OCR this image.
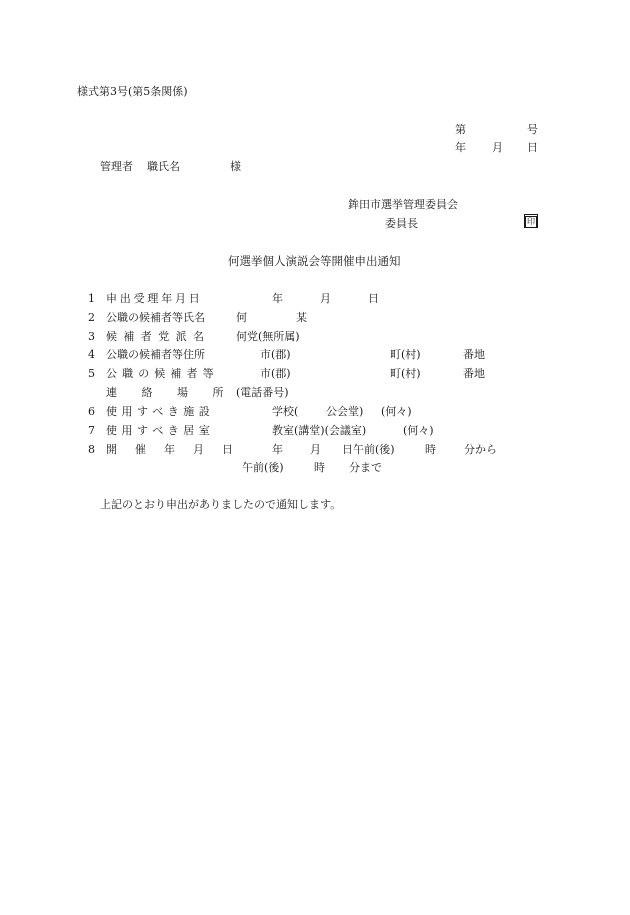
様式第3号(第5条関係)
第	号
年 月 日
管理者 職氏名	様
鉾田市選挙管理委員会
委員長	印
何選挙個人演説会等開催申出通知
1 申出受理年月日	年	月	日
2 公職の候補者等氏名	何	某
3 候補者党派名 何党(無所属)
4 公職の候補者等住所	市(郡)	町(村)	番地
5 公職の候補者等	市(郡)	町(村)	番地
連絡場所
(電話番号)
6 使用すべき施設	学校(	公会堂) (何々)
7 使用すべき居室	教室(講堂)(会議室)	(何々)
8 開催年月日 年 月 日午前(後)	時	分から
午前(後)	時 分まで
上記のとおり申出がありましたので通知します。
